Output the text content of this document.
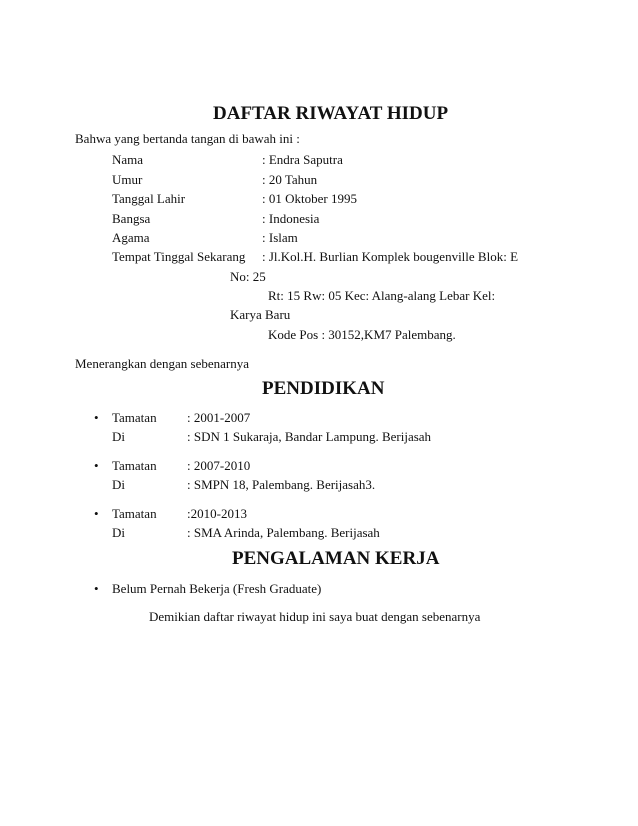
DAFTAR RIWAYAT HIDUP
Bahwa yang bertanda tangan di bawah ini :
Nama	: Endra Saputra
Umur	: 20 Tahun
Tanggal Lahir	: 01 Oktober 1995
Bangsa	: Indonesia
Agama	: Islam
Tempat Tinggal Sekarang : Jl.Kol.H. Burlian Komplek bougenville Blok: E
No: 25
Rt: 15 Rw: 05 Kec: Alang-alang Lebar Kel:
Karya Baru
Kode Pos : 30152,KM7 Palembang.
Menerangkan dengan sebenarnya
PENDIDIKAN
• Tamatan : 2001-2007
Di	: SDN 1 Sukaraja, Bandar Lampung. Berijasah
• Tamatan : 2007-2010
Di	: SMPN 18, Palembang. Berijasah3.
• Tamatan :2010-2013
Di	: SMA Arinda, Palembang. Berijasah
PENGALAMAN KERJA
• Belum Pernah Bekerja (Fresh Graduate)
Demikian daftar riwayat hidup ini saya buat dengan sebenarnya
